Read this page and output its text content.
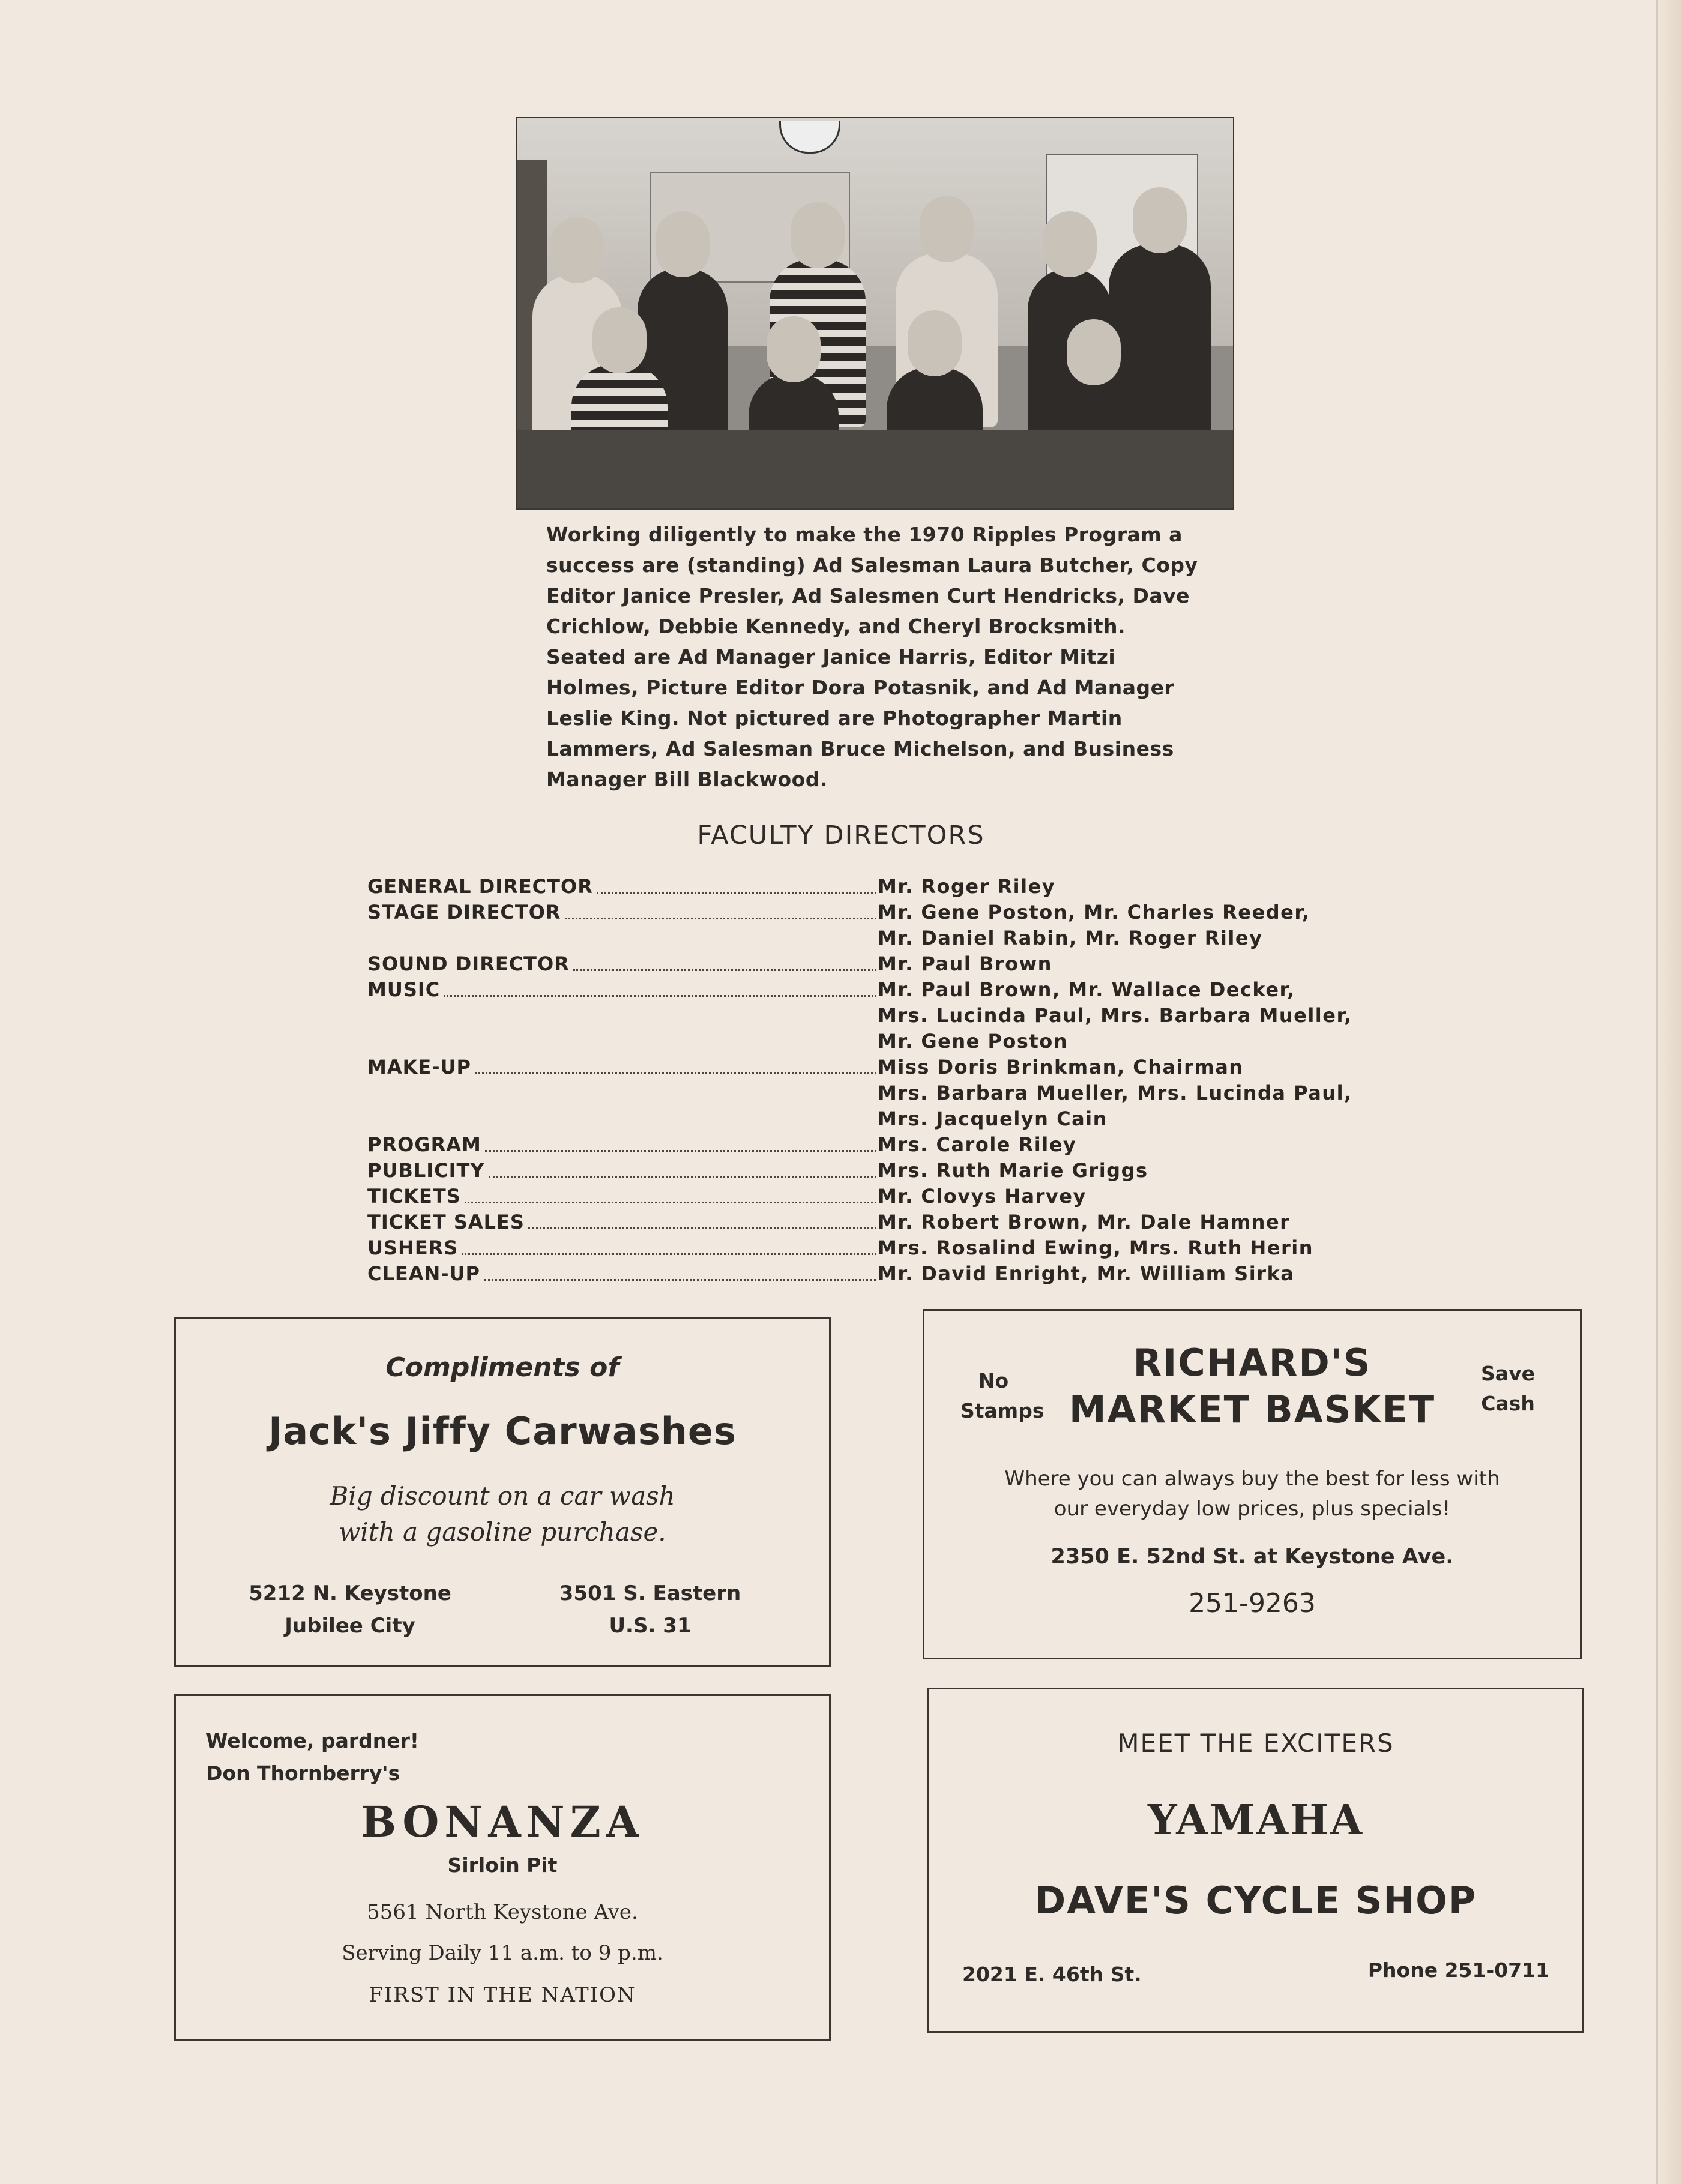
Working diligently to make the 1970 Ripples Program a success are (standing) Ad Salesman Laura Butcher, Copy Editor Janice Presler, Ad Salesmen Curt Hendricks, Dave Crichlow, Debbie Kennedy, and Cheryl Brocksmith. Seated are Ad Manager Janice Harris, Editor Mitzi Holmes, Picture Editor Dora Potasnik, and Ad Manager Leslie King. Not pictured are Photographer Martin Lammers, Ad Salesman Bruce Michelson, and Business Manager Bill Blackwood.

FACULTY DIRECTORS
GENERAL DIRECTOR	Mr. Roger Riley
STAGE DIRECTOR	Mr. Gene Poston, Mr. Charles Reeder,
Mr. Daniel Rabin, Mr. Roger Riley
SOUND DIRECTOR	Mr. Paul Brown
MUSIC	Mr. Paul Brown, Mr. Wallace Decker,
Mrs. Lucinda Paul, Mrs. Barbara Mueller,
Mr. Gene Poston
MAKE-UP	Miss Doris Brinkman, Chairman
Mrs. Barbara Mueller, Mrs. Lucinda Paul,
Mrs. Jacquelyn Cain
PROGRAM	Mrs. Carole Riley
PUBLICITY	Mrs. Ruth Marie Griggs
TICKETS	Mr. Clovys Harvey
TICKET SALES	Mr. Robert Brown, Mr. Dale Hamner
USHERS	Mrs. Rosalind Ewing, Mrs. Ruth Herin
CLEAN-UP	Mr. David Enright, Mr. William Sirka
Compliments of
Jack's Jiffy Carwashes
Big discount on a car wash
with a gasoline purchase.
5212 N. Keystone
Jubilee City
3501 S. Eastern
U.S. 31
No
Stamps
RICHARD'S
MARKET BASKET
Save
Cash
Where you can always buy the best for less with
our everyday low prices, plus specials!
2350 E. 52nd St. at Keystone Ave.
251-9263
Welcome, pardner!
Don Thornberry's
BONANZA
Sirloin Pit
5561 North Keystone Ave.
Serving Daily 11 a.m. to 9 p.m.
FIRST IN THE NATION
MEET THE EXCITERS
YAMAHA
DAVE'S CYCLE SHOP
2021 E. 46th St.	Phone 251-0711
